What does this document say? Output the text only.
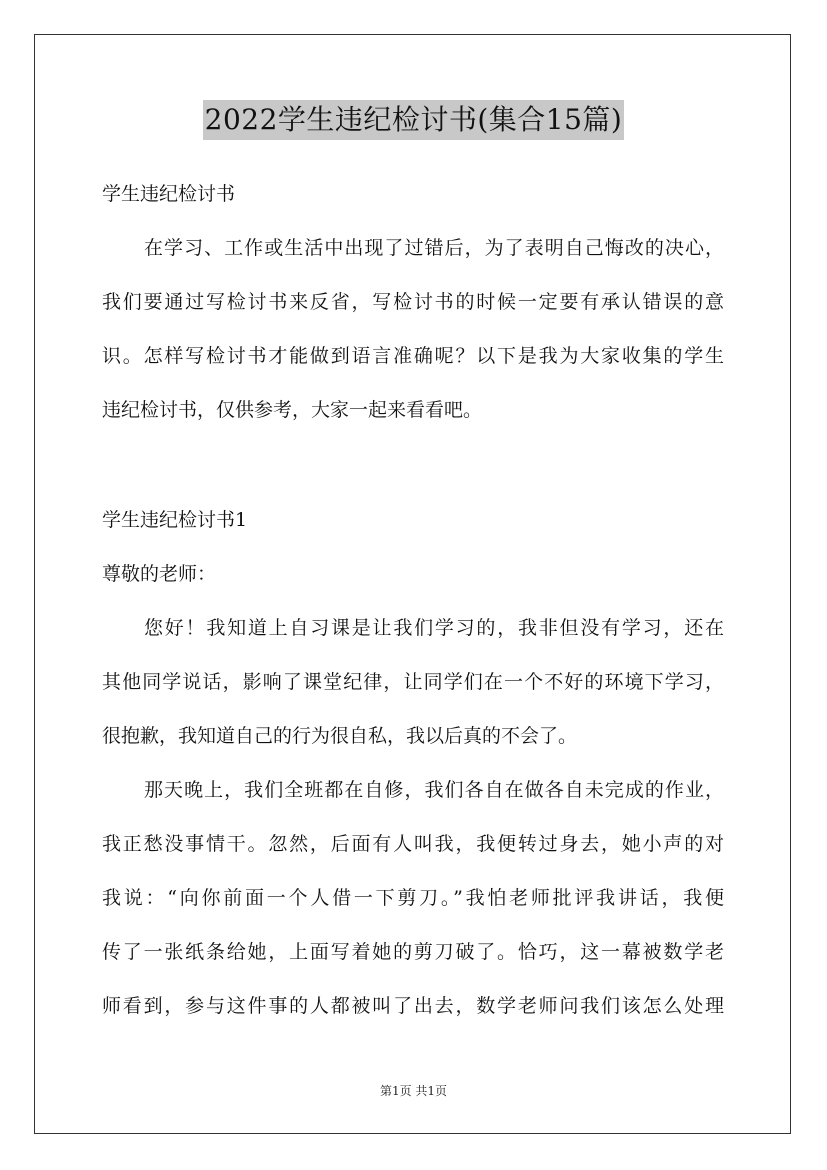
2022学生违纪检讨书(集合15篇)
学生违纪检讨书
在学习、工作或生活中出现了过错后，为了表明自己悔改的决心，
我们要通过写检讨书来反省，写检讨书的时候一定要有承认错误的意
识。怎样写检讨书才能做到语言准确呢？以下是我为大家收集的学生
违纪检讨书，仅供参考，大家一起来看看吧。
学生违纪检讨书1
尊敬的老师：
您好！我知道上自习课是让我们学习的，我非但没有学习，还在
其他同学说话，影响了课堂纪律，让同学们在一个不好的环境下学习，
很抱歉，我知道自己的行为很自私，我以后真的不会了。
那天晚上，我们全班都在自修，我们各自在做各自未完成的作业，
我正愁没事情干。忽然，后面有人叫我，我便转过身去，她小声的对
我说：“向你前面一个人借一下剪刀。”我怕老师批评我讲话，我便
传了一张纸条给她，上面写着她的剪刀破了。恰巧，这一幕被数学老
师看到，参与这件事的人都被叫了出去，数学老师问我们该怎么处理
第1页 共1页
